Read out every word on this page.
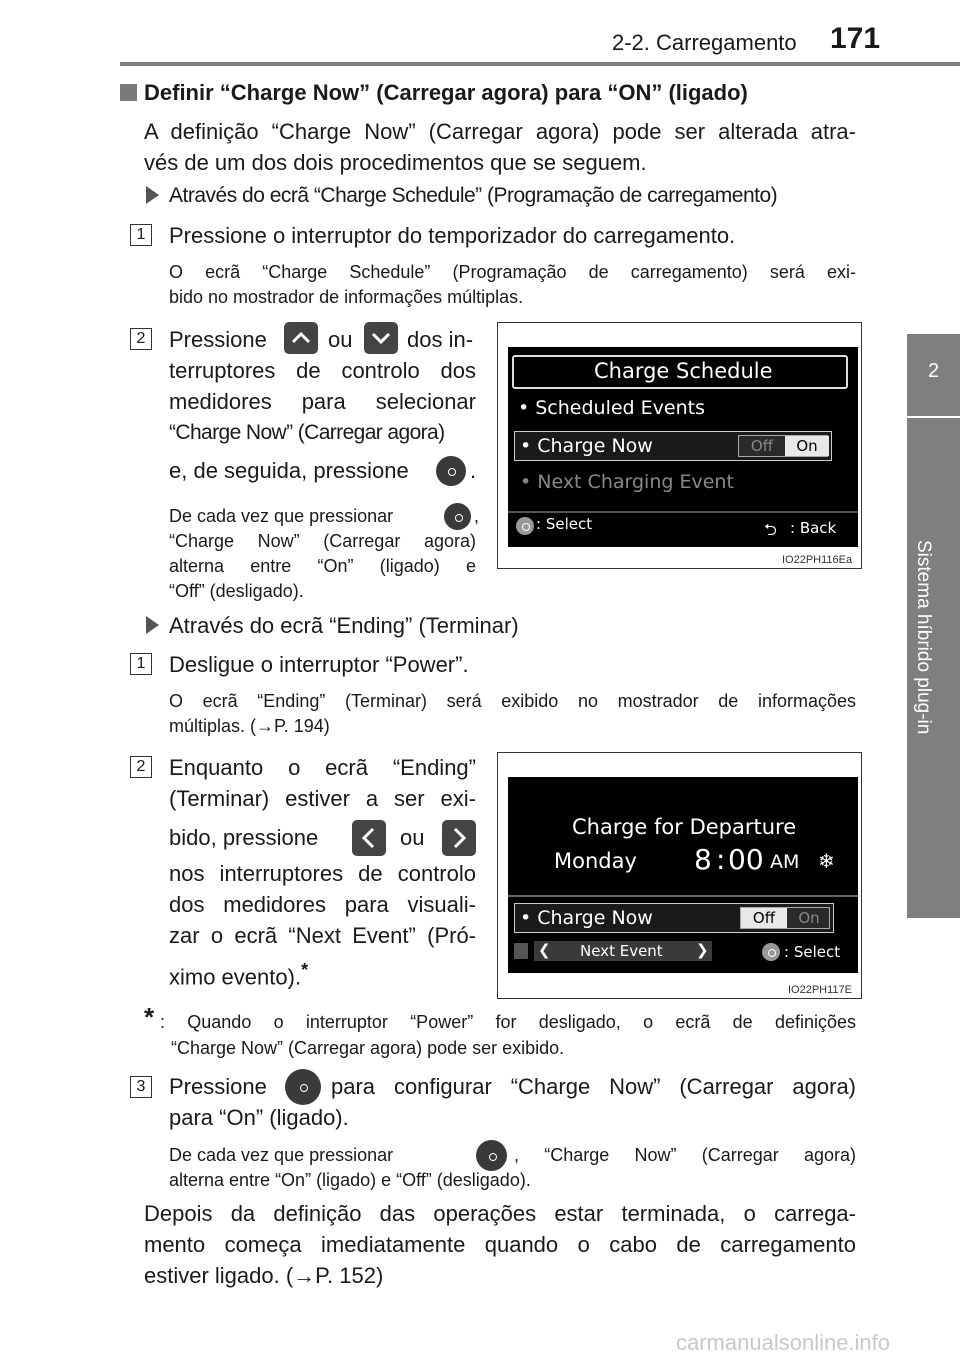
2-2. Carregamento 171
2
Sistema híbrido plug-in
Definir “Charge Now” (Carregar agora) para “ON” (ligado)
A definição “Charge Now” (Carregar agora) pode ser alterada atra-
vés de um dos dois procedimentos que se seguem.
Através do ecrã “Charge Schedule” (Programação de carregamento)
1 Pressione o interruptor do temporizador do carregamento.
O ecrã “Charge Schedule” (Programação de carregamento) será exi-
bido no mostrador de informações múltiplas.
2 Pressione	ou dos in-
terruptores de controlo dos
medidores para selecionar
“Charge Now” (Carregar agora)
e, de seguida, pressione	.
De cada vez que pressionar	,
“Charge Now” (Carregar agora)
alterna entre “On” (ligado) e
“Off” (desligado).
Charge Schedule
• Scheduled Events
• Charge Now	Off	On
• Next Charging Event
: Select	⮌ : Back
IO22PH116Ea
Através do ecrã “Ending” (Terminar)
1 Desligue o interruptor “Power”.
O ecrã “Ending” (Terminar) será exibido no mostrador de informações
múltiplas. (→P. 194)
2 Enquanto o ecrã “Ending”
(Terminar) estiver a ser exi-
bido, pressione	ou
nos interruptores de controlo
dos medidores para visuali-
zar o ecrã “Next Event” (Pró-
ximo evento).*
Charge for Departure
Monday 8 : 00 AM ❄
• Charge Now	Off	On
❮ Next Event ❯	: Select
IO22PH117E
* : Quando o interruptor “Power” for desligado, o ecrã de definições
“Charge Now” (Carregar agora) pode ser exibido.
3 Pressione	para configurar “Charge Now” (Carregar agora)
para “On” (ligado).
De cada vez que pressionar	, “Charge Now” (Carregar agora)
alterna entre “On” (ligado) e “Off” (desligado).
Depois da definição das operações estar terminada, o carrega-
mento começa imediatamente quando o cabo de carregamento
estiver ligado. (→P. 152)
carmanualsonline.info
